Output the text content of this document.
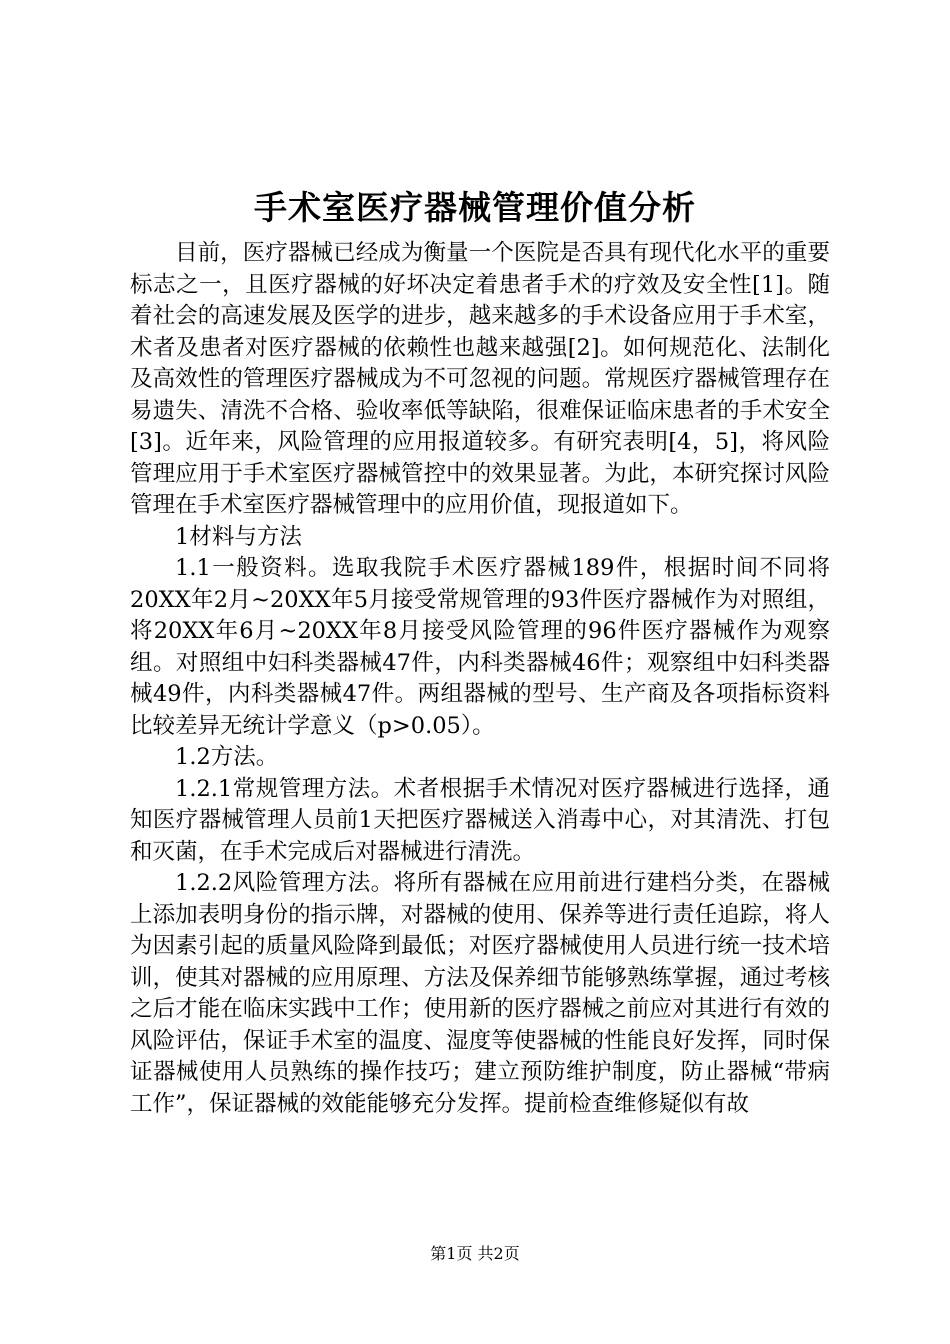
手术室医疗器械管理价值分析

目前，医疗器械已经成为衡量一个医院是否具有现代化水平的重要标志之一，且医疗器械的好坏决定着患者手术的疗效及安全性[1]。随着社会的高速发展及医学的进步，越来越多的手术设备应用于手术室，术者及患者对医疗器械的依赖性也越来越强[2]。如何规范化、法制化及高效性的管理医疗器械成为不可忽视的问题。常规医疗器械管理存在易遗失、清洗不合格、验收率低等缺陷，很难保证临床患者的手术安全[3]。近年来，风险管理的应用报道较多。有研究表明[4，5]，将风险管理应用于手术室医疗器械管控中的效果显著。为此，本研究探讨风险管理在手术室医疗器械管理中的应用价值，现报道如下。

1材料与方法

1.1一般资料。选取我院手术医疗器械189件，根据时间不同将20XX年2月~20XX年5月接受常规管理的93件医疗器械作为对照组，将20XX年6月~20XX年8月接受风险管理的96件医疗器械作为观察组。对照组中妇科类器械47件，内科类器械46件；观察组中妇科类器械49件，内科类器械47件。两组器械的型号、生产商及各项指标资料比较差异无统计学意义（p>0.05）。

1.2方法。

1.2.1常规管理方法。术者根据手术情况对医疗器械进行选择，通知医疗器械管理人员前1天把医疗器械送入消毒中心，对其清洗、打包和灭菌，在手术完成后对器械进行清洗。

1.2.2风险管理方法。将所有器械在应用前进行建档分类，在器械上添加表明身份的指示牌，对器械的使用、保养等进行责任追踪，将人为因素引起的质量风险降到最低；对医疗器械使用人员进行统一技术培训，使其对器械的应用原理、方法及保养细节能够熟练掌握，通过考核之后才能在临床实践中工作；使用新的医疗器械之前应对其进行有效的风险评估，保证手术室的温度、湿度等使器械的性能良好发挥，同时保证器械使用人员熟练的操作技巧；建立预防维护制度，防止器械“带病工作”，保证器械的效能能够充分发挥。提前检查维修疑似有故

第1页 共2页
